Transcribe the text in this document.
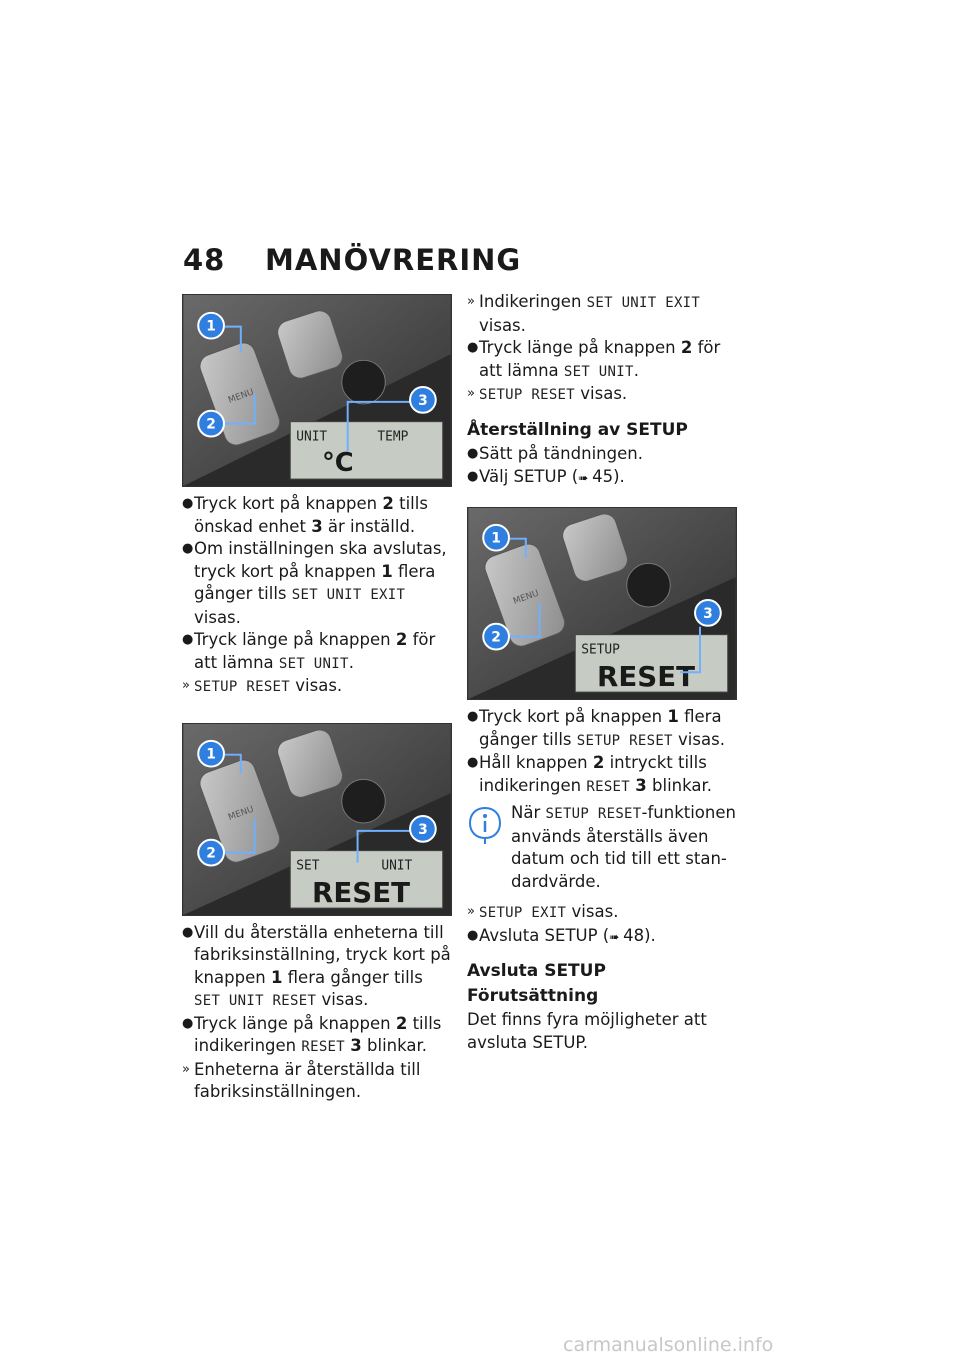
48 MANÖVRERING
MENU
UNIT	TEMP
°C
1
2
3

● Tryck kort på knappen 2 tills önskad enhet 3 är inställd.

● Om inställningen ska avslutas, tryck kort på knappen 1 flera gånger tills SET UNIT EXIT visas.

● Tryck länge på knappen 2 för att lämna SET UNIT.

» SETUP RESET visas.

MENU
SET	UNIT
RESET
1
2
3

● Vill du återställa enheterna till fabriksinställning, tryck kort på knappen 1 flera gånger tills SET UNIT RESET visas.

● Tryck länge på knappen 2 tills indikeringen RESET 3 blinkar.

» Enheterna är återställda till fabriksinställningen.

» Indikeringen SET UNIT EXIT visas.

● Tryck länge på knappen 2 för att lämna SET UNIT.

» SETUP RESET visas.

Återställning av SETUP

● Sätt på tändningen.

● Välj SETUP (➠ 45).

MENU
SETUP
RESET
1
2
3

● Tryck kort på knappen 1 flera gånger tills SETUP RESET visas.

● Håll knappen 2 intryckt tills indikeringen RESET 3 blinkar.

När SETUP RESET-funktionen används återställs även datum och tid till ett standardvärde.

» SETUP EXIT visas.

● Avsluta SETUP (➠ 48).

Avsluta SETUP
Förutsättning

Det finns fyra möjligheter att avsluta SETUP.

carmanualsonline.info
